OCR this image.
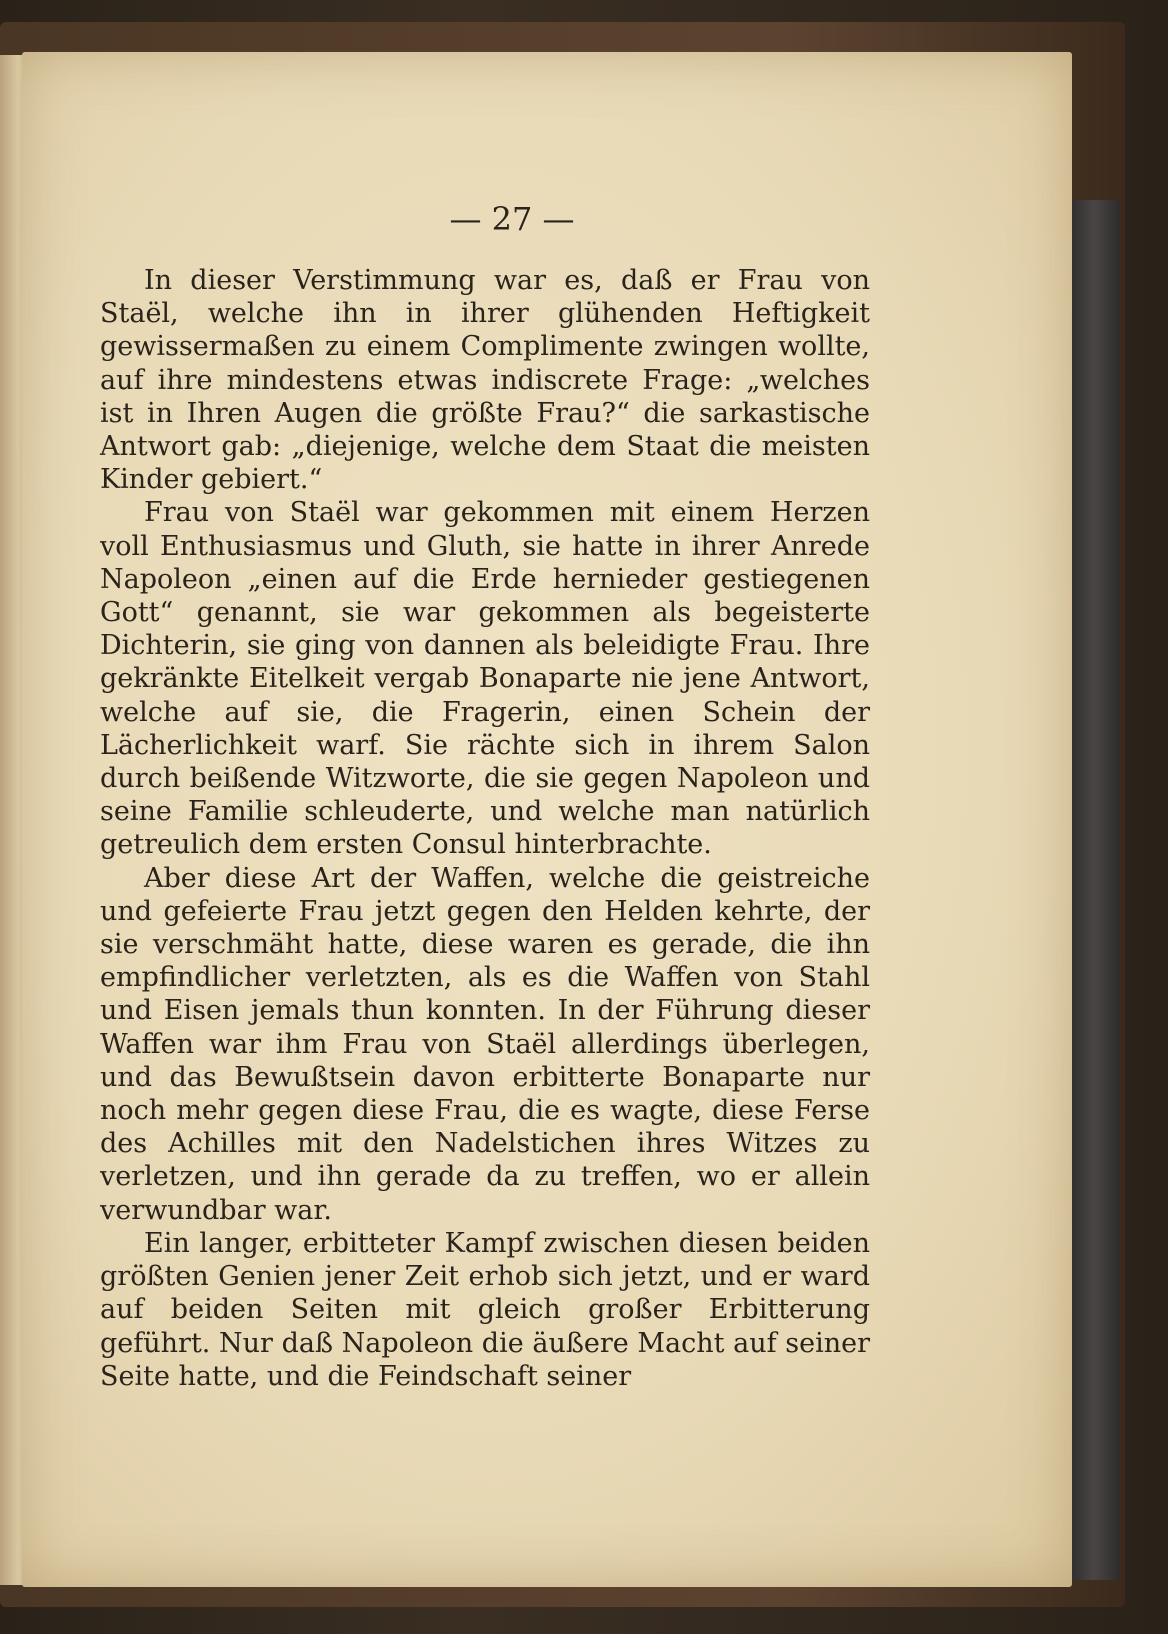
— 27 —

In dieser Verstimmung war es, daß er Frau von Staël, welche ihn in ihrer glühenden Heftigkeit gewissermaßen zu einem Complimente zwingen wollte, auf ihre mindestens etwas indiscrete Frage: „welches ist in Ihren Augen die größte Frau?“ die sarkastische Antwort gab: „diejenige, welche dem Staat die meisten Kinder gebiert.“

Frau von Staël war gekommen mit einem Herzen voll Enthusiasmus und Gluth, sie hatte in ihrer Anrede Napoleon „einen auf die Erde hernieder gestiegenen Gott“ genannt, sie war gekommen als begeisterte Dichterin, sie ging von dannen als beleidigte Frau. Ihre gekränkte Eitelkeit vergab Bonaparte nie jene Antwort, welche auf sie, die Fragerin, einen Schein der Lächerlichkeit warf. Sie rächte sich in ihrem Salon durch beißende Witzworte, die sie gegen Napoleon und seine Familie schleuderte, und welche man natürlich getreulich dem ersten Consul hinterbrachte.

Aber diese Art der Waffen, welche die geistreiche und gefeierte Frau jetzt gegen den Helden kehrte, der sie verschmäht hatte, diese waren es gerade, die ihn empfindlicher verletzten, als es die Waffen von Stahl und Eisen jemals thun konnten. In der Führung dieser Waffen war ihm Frau von Staël allerdings überlegen, und das Bewußtsein davon erbitterte Bonaparte nur noch mehr gegen diese Frau, die es wagte, diese Ferse des Achilles mit den Nadelstichen ihres Witzes zu verletzen, und ihn gerade da zu treffen, wo er allein verwundbar war.

Ein langer, erbitteter Kampf zwischen diesen beiden größten Genien jener Zeit erhob sich jetzt, und er ward auf beiden Seiten mit gleich großer Erbitterung geführt. Nur daß Napoleon die äußere Macht auf seiner Seite hatte, und die Feindschaft seiner
